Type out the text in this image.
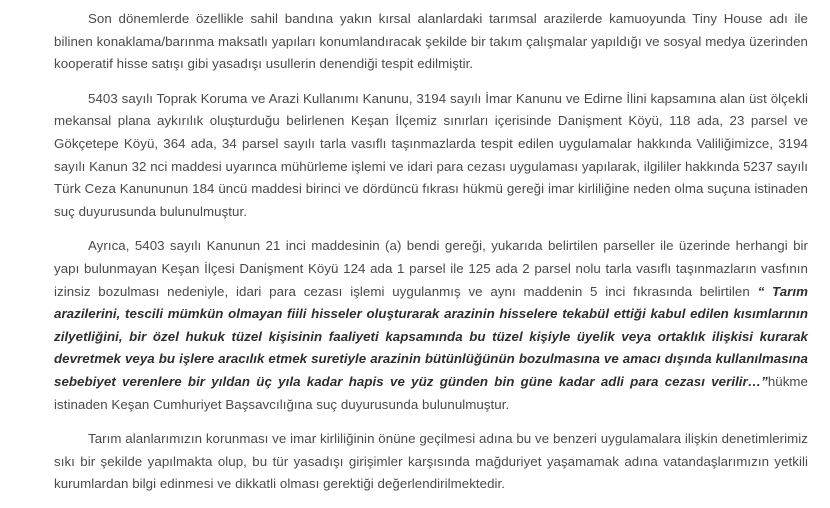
Son dönemlerde özellikle sahil bandına yakın kırsal alanlardaki tarımsal arazilerde kamuoyunda Tiny House adı ile bilinen konaklama/barınma maksatlı yapıları konumlandıracak şekilde bir takım çalışmalar yapıldığı ve sosyal medya üzerinden kooperatif hisse satışı gibi yasadışı usullerin denendiği tespit edilmiştir.

5403 sayılı Toprak Koruma ve Arazi Kullanımı Kanunu, 3194 sayılı İmar Kanunu ve Edirne İlini kapsamına alan üst ölçekli mekansal plana aykırılık oluşturduğu belirlenen Keşan İlçemiz sınırları içerisinde Danişment Köyü, 118 ada, 23 parsel ve Gökçetepe Köyü, 364 ada, 34 parsel sayılı tarla vasıflı taşınmazlarda tespit edilen uygulamalar hakkında Valiliğimizce, 3194 sayılı Kanun 32 nci maddesi uyarınca mühürleme işlemi ve idari para cezası uygulaması yapılarak, ilgililer hakkında 5237 sayılı Türk Ceza Kanununun 184 üncü maddesi birinci ve dördüncü fıkrası hükmü gereği imar kirliliğine neden olma suçuna istinaden suç duyurusunda bulunulmuştur.

Ayrıca, 5403 sayılı Kanunun 21 inci maddesinin (a) bendi gereği, yukarıda belirtilen parseller ile üzerinde herhangi bir yapı bulunmayan Keşan İlçesi Danişment Köyü 124 ada 1 parsel ile 125 ada 2 parsel nolu tarla vasıflı taşınmazların vasfının izinsiz bozulması nedeniyle, idari para cezası işlemi uygulanmış ve aynı maddenin 5 inci fıkrasında belirtilen “ Tarım arazilerini, tescili mümkün olmayan fiili hisseler oluşturarak arazinin hisselere tekabül ettiği kabul edilen kısımlarının zilyetliğini, bir özel hukuk tüzel kişisinin faaliyeti kapsamında bu tüzel kişiyle üyelik veya ortaklık ilişkisi kurarak devretmek veya bu işlere aracılık etmek suretiyle arazinin bütünlüğünün bozulmasına ve amacı dışında kullanılmasına sebebiyet verenlere bir yıldan üç yıla kadar hapis ve yüz günden bin güne kadar adli para cezası verilir…”hükme istinaden Keşan Cumhuriyet Başsavcılığına suç duyurusunda bulunulmuştur.

Tarım alanlarımızın korunması ve imar kirliliğinin önüne geçilmesi adına bu ve benzeri uygulamalara ilişkin denetimlerimiz sıkı bir şekilde yapılmakta olup, bu tür yasadışı girişimler karşısında mağduriyet yaşamamak adına vatandaşlarımızın yetkili kurumlardan bilgi edinmesi ve dikkatli olması gerektiği değerlendirilmektedir.
